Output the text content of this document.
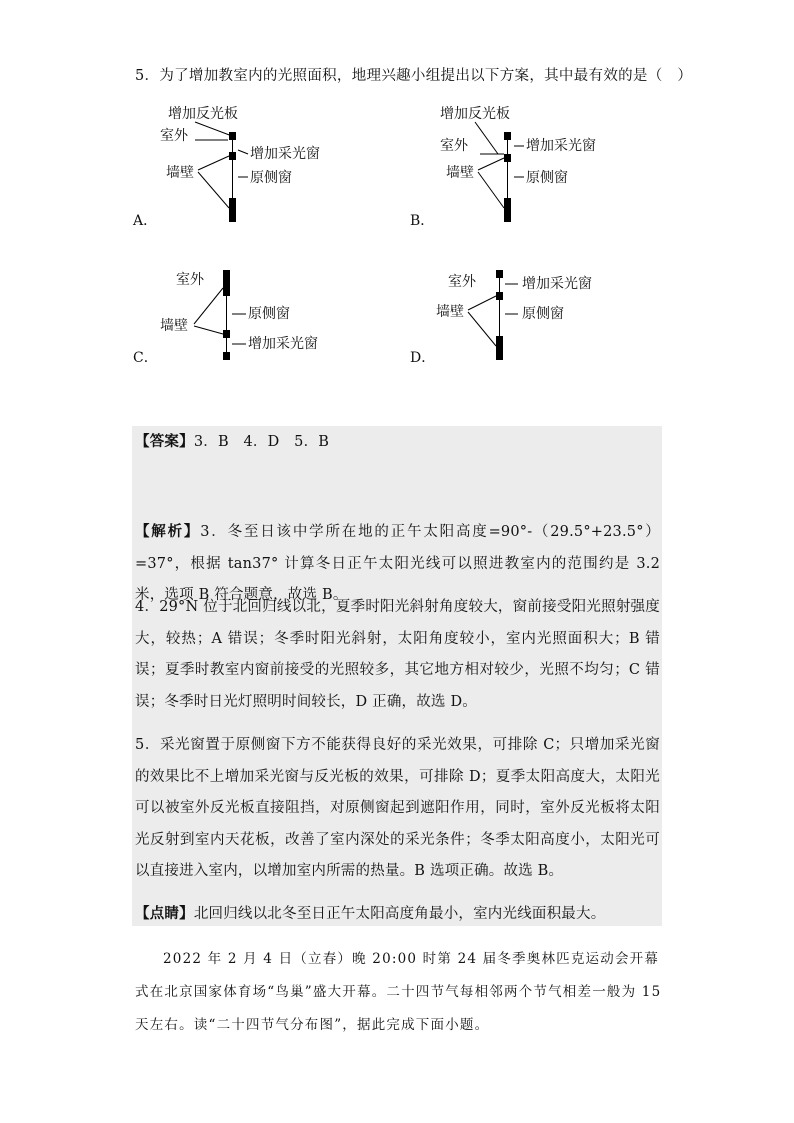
5．为了增加教室内的光照面积，地理兴趣小组提出以下方案，其中最有效的是（　）
A．
增加反光板
室外
增加采光窗
墙壁	原侧窗
B．
增加反光板
室外	增加采光窗
墙壁	原侧窗
C．
室外
原侧窗
墙壁
增加采光窗
D．
增加采光窗
室外
原侧窗
墙壁

【答案】3．B　4．D　5．B

【解析】3．冬至日该中学所在地的正午太阳高度=90°-（29.5°+23.5°）=37°，根据 tan37° 计算冬日正午太阳光线可以照进教室内的范围约是 3.2 米，选项 B 符合题意，故选 B。

4．29°N 位于北回归线以北，夏季时阳光斜射角度较大，窗前接受阳光照射强度大，较热；A 错误；冬季时阳光斜射，太阳角度较小，室内光照面积大；B 错误；夏季时教室内窗前接受的光照较多，其它地方相对较少，光照不均匀；C 错误；冬季时日光灯照明时间较长，D 正确，故选 D。

5．采光窗置于原侧窗下方不能获得良好的采光效果，可排除 C；只增加采光窗的效果比不上增加采光窗与反光板的效果，可排除 D；夏季太阳高度大，太阳光可以被室外反光板直接阻挡，对原侧窗起到遮阳作用，同时，室外反光板将太阳光反射到室内天花板，改善了室内深处的采光条件；冬季太阳高度小，太阳光可以直接进入室内，以增加室内所需的热量。B 选项正确。故选 B。

【点睛】北回归线以北冬至日正午太阳高度角最小，室内光线面积最大。

2022 年 2 月 4 日（立春）晚 20:00 时第 24 届冬季奥林匹克运动会开幕式在北京国家体育场“鸟巢”盛大开幕。二十四节气每相邻两个节气相差一般为 15 天左右。读“二十四节气分布图”，据此完成下面小题。
